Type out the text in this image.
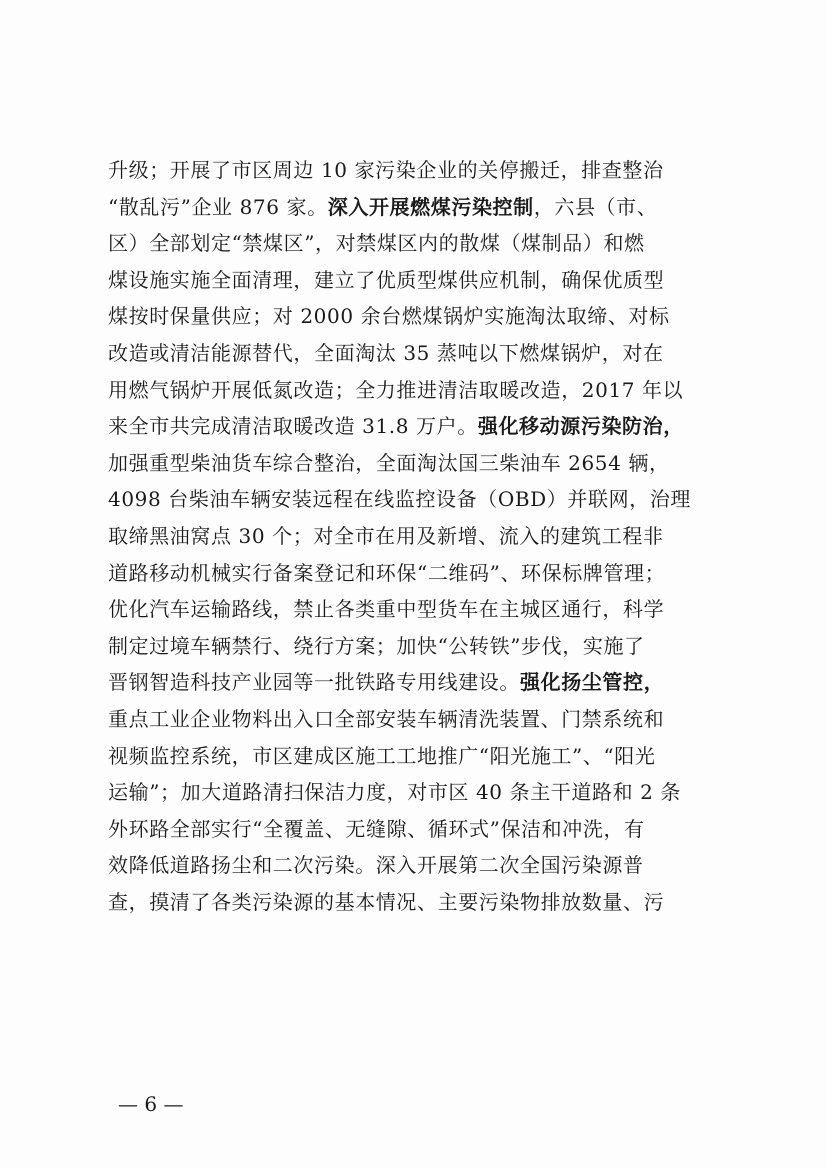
升级；开展了市区周边 10 家污染企业的关停搬迁，排查整治
“散乱污”企业 876 家。深入开展燃煤污染控制，六县（市、
区）全部划定“禁煤区”，对禁煤区内的散煤（煤制品）和燃
煤设施实施全面清理，建立了优质型煤供应机制，确保优质型
煤按时保量供应；对 2000 余台燃煤锅炉实施淘汰取缔、对标
改造或清洁能源替代，全面淘汰 35 蒸吨以下燃煤锅炉，对在
用燃气锅炉开展低氮改造；全力推进清洁取暖改造，2017 年以
来全市共完成清洁取暖改造 31.8 万户。强化移动源污染防治，
加强重型柴油货车综合整治，全面淘汰国三柴油车 2654 辆，
4098 台柴油车辆安装远程在线监控设备（OBD）并联网，治理
取缔黑油窝点 30 个；对全市在用及新增、流入的建筑工程非
道路移动机械实行备案登记和环保“二维码”、环保标牌管理；
优化汽车运输路线，禁止各类重中型货车在主城区通行，科学
制定过境车辆禁行、绕行方案；加快“公转铁”步伐，实施了
晋钢智造科技产业园等一批铁路专用线建设。强化扬尘管控，
重点工业企业物料出入口全部安装车辆清洗装置、门禁系统和
视频监控系统，市区建成区施工工地推广“阳光施工”、“阳光
运输”；加大道路清扫保洁力度，对市区 40 条主干道路和 2 条
外环路全部实行“全覆盖、无缝隙、循环式”保洁和冲洗，有
效降低道路扬尘和二次污染。深入开展第二次全国污染源普
查，摸清了各类污染源的基本情况、主要污染物排放数量、污
— 6 —
